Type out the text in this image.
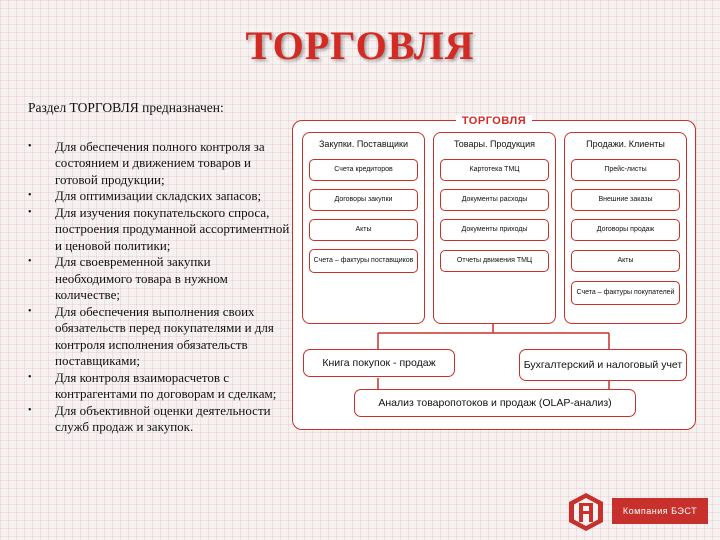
ТОРГОВЛЯ
Раздел ТОРГОВЛЯ предназначен:
• Для обеспечения полного контроля за состоянием и движением товаров и готовой продукции;
• Для оптимизации складских запасов;
• Для изучения покупательского спроса, построения продуманной ассортиментной и ценовой политики;
• Для своевременной закупки необходимого товара в нужном количестве;
• Для обеспечения выполнения своих обязательств перед покупателями и для контроля исполнения обязательств поставщиками;
• Для контроля взаиморасчетов с контрагентами по договорам и сделкам;
• Для объективной оценки деятельности служб продаж и закупок.
ТОРГОВЛЯ
Закупки. Поставщики
Счета кредиторов
Договоры закупки
Акты
Счета – фактуры поставщиков
Товары. Продукция
Картотека ТМЦ
Документы расходы
Документы приходы
Отчеты движения ТМЦ
Продажи. Клиенты
Прейс-листы
Внешние заказы
Договоры продаж
Акты
Счета – фактуры покупателей
Книга покупок - продаж	Бухгалтерский и налоговый учет
Анализ товаропотоков и продаж (OLAP-анализ)
Компания БЭСТ
